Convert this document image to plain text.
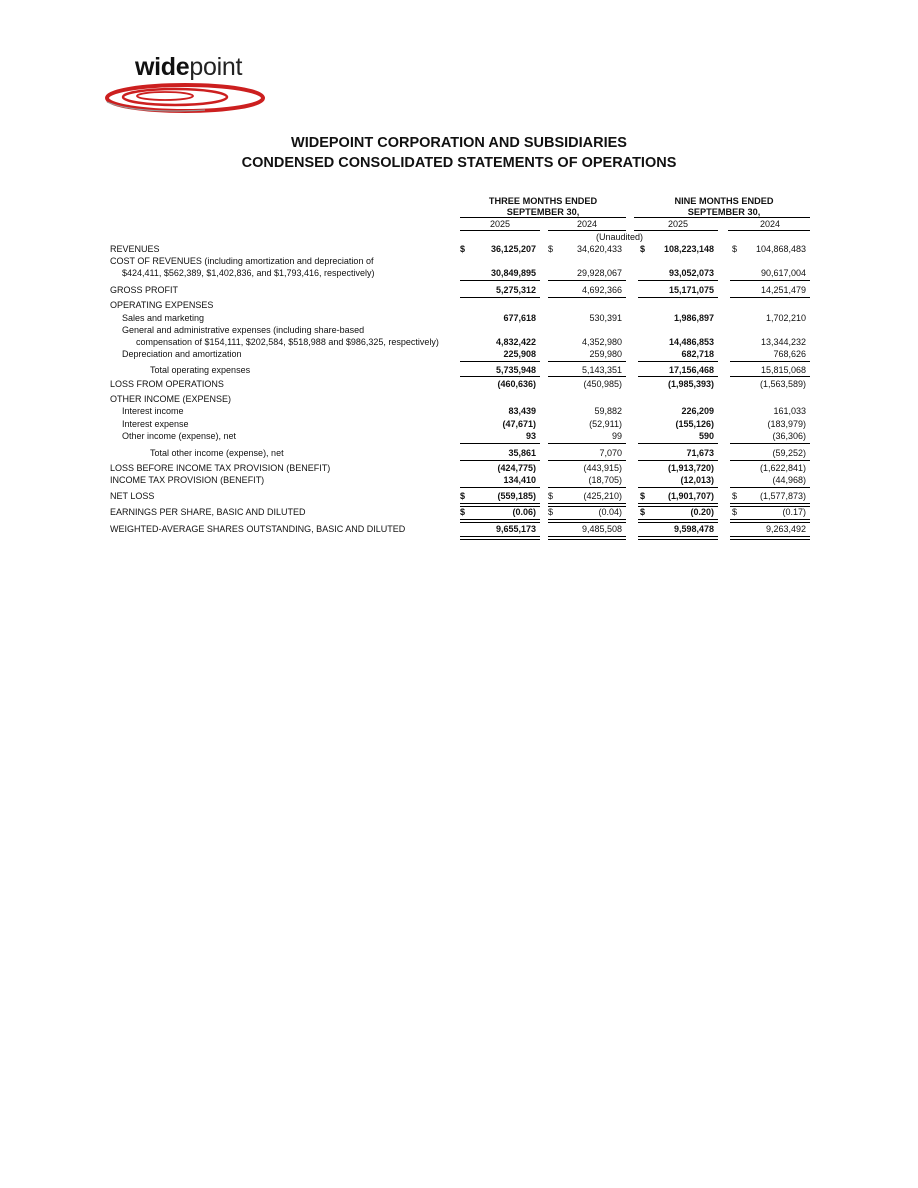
widepoint
WIDEPOINT CORPORATION AND SUBSIDIARIES
CONDENSED CONSOLIDATED STATEMENTS OF OPERATIONS
THREE MONTHS ENDED
SEPTEMBER 30,
NINE MONTHS ENDED
SEPTEMBER 30,
2025	2024	2025	2024
(Unaudited)
REVENUES	$	36,125,207 $	34,620,433 $	108,223,148 $	104,868,483
COST OF REVENUES (including amortization and depreciation of
$424,411, $562,389, $1,402,836, and $1,793,416, respectively)	30,849,895	29,928,067	93,052,073	90,617,004
GROSS PROFIT	5,275,312	4,692,366	15,171,075	14,251,479
OPERATING EXPENSES
Sales and marketing	677,618	530,391	1,986,897	1,702,210
General and administrative expenses (including share-based
compensation of $154,111, $202,584, $518,988 and $986,325, respectively)	4,832,422	4,352,980	14,486,853	13,344,232
Depreciation and amortization	225,908	259,980	682,718	768,626
Total operating expenses	5,735,948	5,143,351	17,156,468	15,815,068
LOSS FROM OPERATIONS	(460,636)	(450,985)	(1,985,393)	(1,563,589)
OTHER INCOME (EXPENSE)
Interest income	83,439	59,882	226,209	161,033
Interest expense	(47,671)	(52,911)	(155,126)	(183,979)
Other income (expense), net	93	99	590	(36,306)
Total other income (expense), net	35,861	7,070	71,673	(59,252)
LOSS BEFORE INCOME TAX PROVISION (BENEFIT)	(424,775)	(443,915)	(1,913,720)	(1,622,841)
INCOME TAX PROVISION (BENEFIT)	134,410	(18,705)	(12,013)	(44,968)
NET LOSS	$	(559,185) $	(425,210) $	(1,901,707) $	(1,577,873)
EARNINGS PER SHARE, BASIC AND DILUTED	$	(0.06) $	(0.04) $	(0.20) $	(0.17)
WEIGHTED-AVERAGE SHARES OUTSTANDING, BASIC AND DILUTED	9,655,173	9,485,508	9,598,478	9,263,492
